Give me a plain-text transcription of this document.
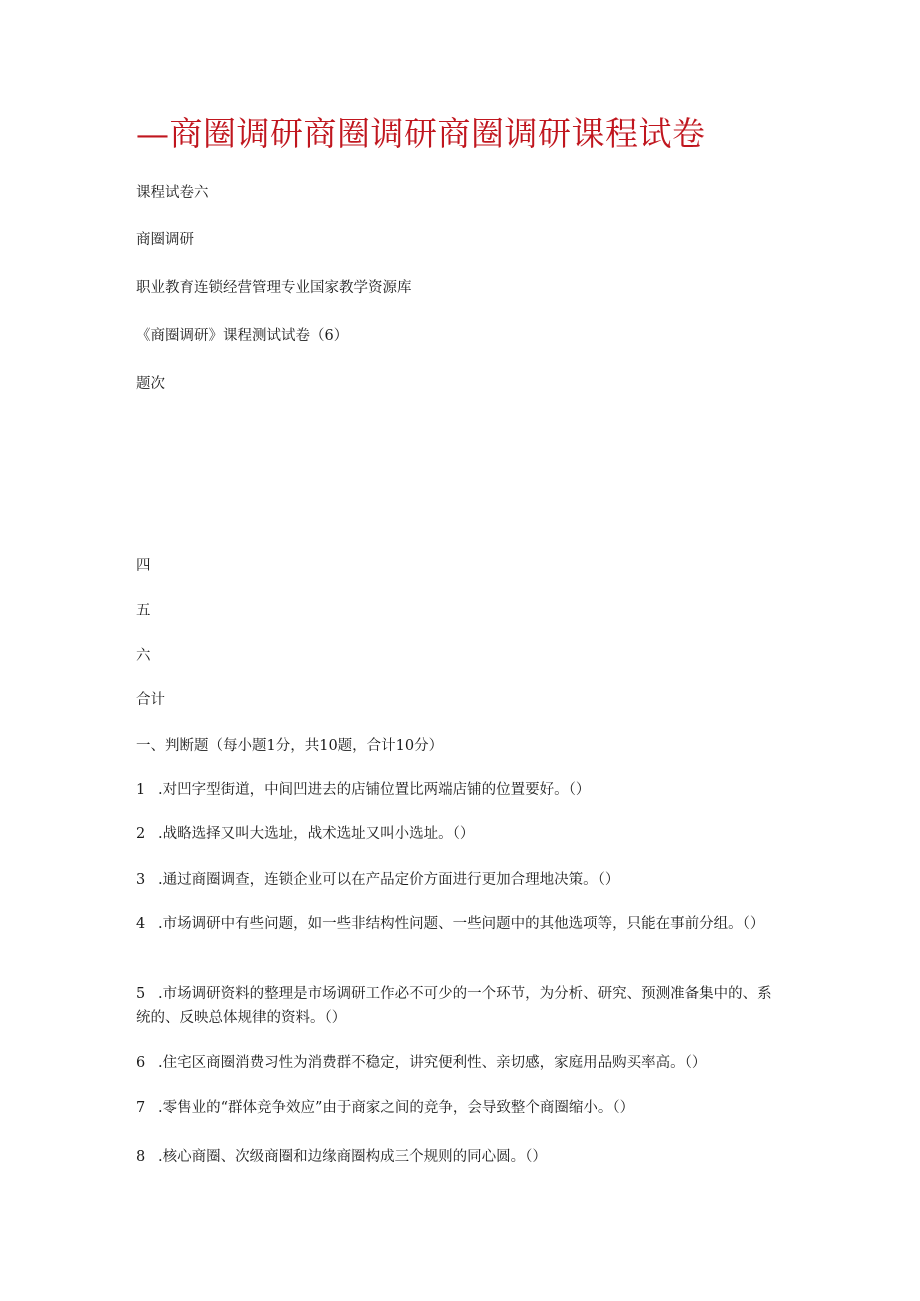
—商圈调研商圈调研商圈调研课程试卷
课程试卷六
商圈调研
职业教育连锁经营管理专业国家教学资源库
《商圈调研》课程测试试卷（6）
题次
四
五
六
合计
一、判断题（每小题1分，共10题，合计10分）
1 .对凹字型街道，中间凹进去的店铺位置比两端店铺的位置要好。（）
2 .战略选择又叫大选址，战术选址又叫小选址。（）
3 .通过商圈调查，连锁企业可以在产品定价方面进行更加合理地决策。（）
4 .市场调研中有些问题，如一些非结构性问题、一些问题中的其他选项等，只能在事前分组。（）
5 .市场调研资料的整理是市场调研工作必不可少的一个环节，为分析、研究、预测准备集中的、系统的、反映总体规律的资料。（）
6 .住宅区商圈消费习性为消费群不稳定，讲究便利性、亲切感，家庭用品购买率高。（）
7 .零售业的“群体竞争效应”由于商家之间的竞争，会导致整个商圈缩小。（）
8 .核心商圈、次级商圈和边缘商圈构成三个规则的同心圆。（）
